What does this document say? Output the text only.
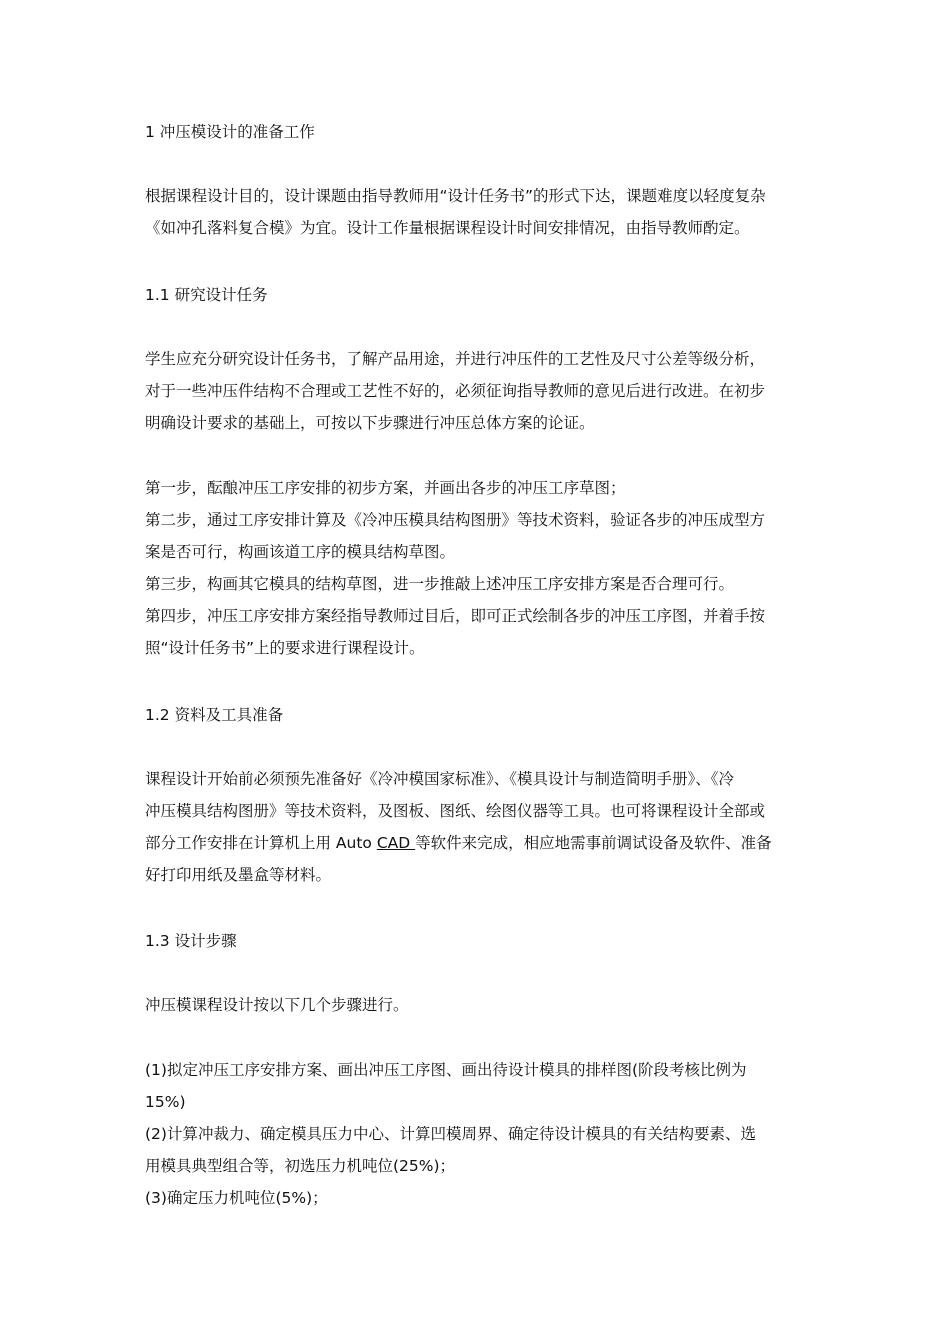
1 冲压模设计的准备工作
根据课程设计目的，设计课题由指导教师用“设计任务书”的形式下达，课题难度以轻度复杂
《如冲孔落料复合模》为宜。设计工作量根据课程设计时间安排情况，由指导教师酌定。
1.1 研究设计任务
学生应充分研究设计任务书，了解产品用途，并进行冲压件的工艺性及尺寸公差等级分析，
对于一些冲压件结构不合理或工艺性不好的，必须征询指导教师的意见后进行改进。在初步
明确设计要求的基础上，可按以下步骤进行冲压总体方案的论证。
第一步，酝酿冲压工序安排的初步方案，并画出各步的冲压工序草图；
第二步，通过工序安排计算及《冷冲压模具结构图册》等技术资料，验证各步的冲压成型方
案是否可行，构画该道工序的模具结构草图。
第三步，构画其它模具的结构草图，进一步推敲上述冲压工序安排方案是否合理可行。
第四步，冲压工序安排方案经指导教师过目后，即可正式绘制各步的冲压工序图，并着手按
照“设计任务书”上的要求进行课程设计。
1.2 资料及工具准备
课程设计开始前必须预先准备好《冷冲模国家标准》、《模具设计与制造简明手册》、《冷
冲压模具结构图册》等技术资料，及图板、图纸、绘图仪器等工具。也可将课程设计全部或
部分工作安排在计算机上用 Auto CAD 等软件来完成，相应地需事前调试设备及软件、准备
好打印用纸及墨盒等材料。
1.3 设计步骤
冲压模课程设计按以下几个步骤进行。
(1)拟定冲压工序安排方案、画出冲压工序图、画出待设计模具的排样图(阶段考核比例为
15%)
(2)计算冲裁力、确定模具压力中心、计算凹模周界、确定待设计模具的有关结构要素、选
用模具典型组合等，初选压力机吨位(25%)；
(3)确定压力机吨位(5%)；
